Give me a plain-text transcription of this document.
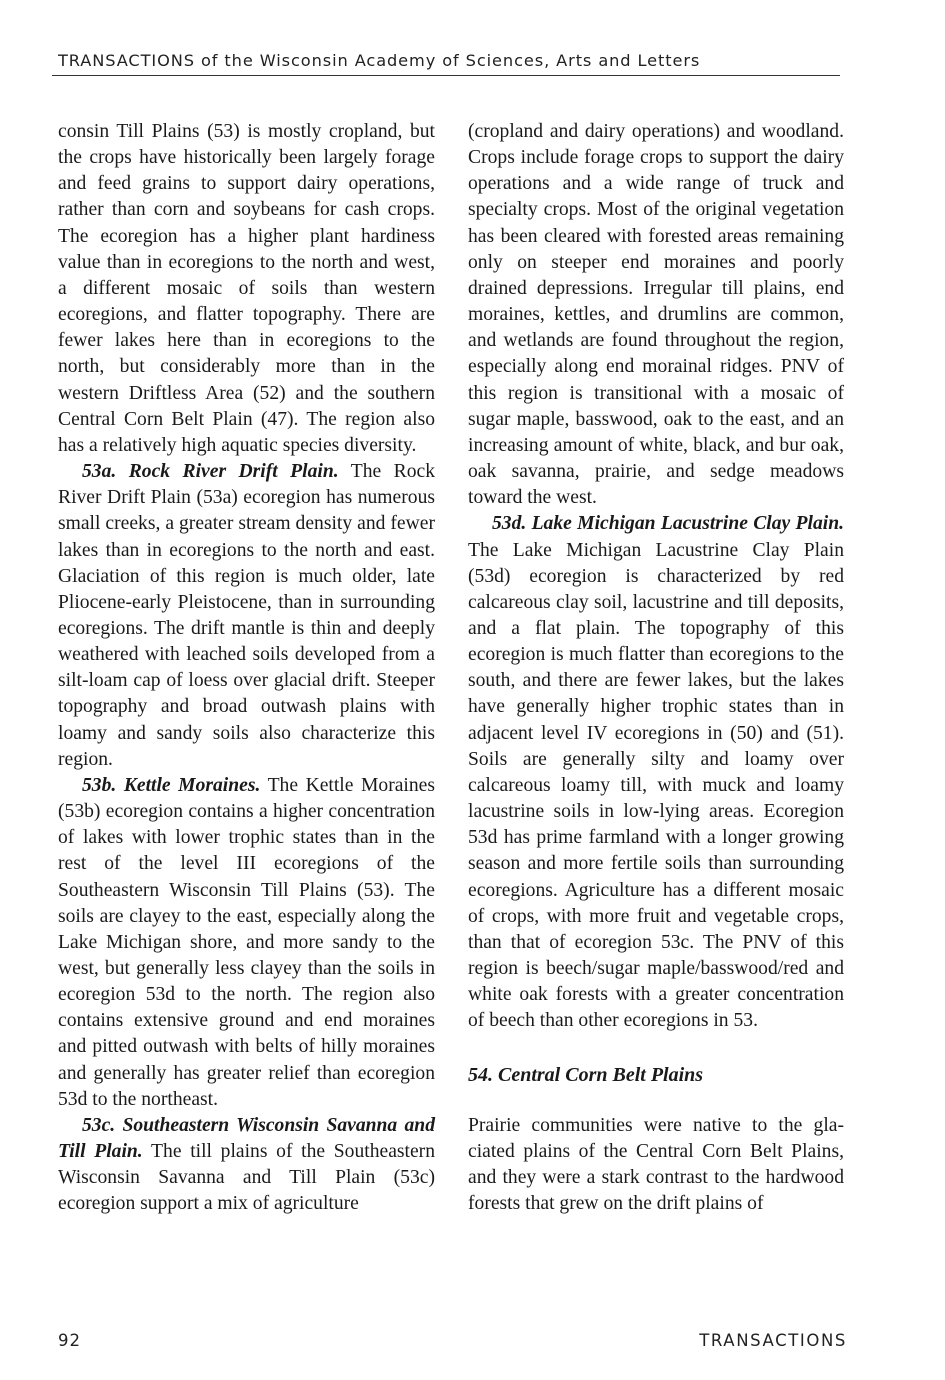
TRANSACTIONS of the Wisconsin Academy of Sciences, Arts and Letters

consin Till Plains (53) is mostly cropland, but the crops have historically been largely forage and feed grains to support dairy operations, rather than corn and soybeans for cash crops. The ecoregion has a higher plant hardiness value than in ecoregions to the north and west, a different mosaic of soils than western ecoregions, and flatter topography. There are fewer lakes here than in ecoregions to the north, but considerably more than in the western Driftless Area (52) and the southern Central Corn Belt Plain (47). The region also has a relatively high aquatic species diversity.

53a. Rock River Drift Plain. The Rock River Drift Plain (53a) ecoregion has numerous small creeks, a greater stream density and fewer lakes than in ecoregions to the north and east. Glaciation of this region is much older, late Pliocene-early Pleistocene, than in surrounding ecoregions. The drift mantle is thin and deeply weathered with leached soils developed from a silt-loam cap of loess over glacial drift. Steeper topography and broad outwash plains with loamy and sandy soils also characterize this region.

53b. Kettle Moraines. The Kettle Moraines (53b) ecoregion contains a higher concentration of lakes with lower trophic states than in the rest of the level III ecoregions of the Southeastern Wisconsin Till Plains (53). The soils are clayey to the east, especially along the Lake Michigan shore, and more sandy to the west, but generally less clayey than the soils in ecoregion 53d to the north. The region also contains extensive ground and end moraines and pitted outwash with belts of hilly moraines and generally has greater relief than ecoregion 53d to the northeast.

53c. Southeastern Wisconsin Savanna and Till Plain. The till plains of the Southeastern Wisconsin Savanna and Till Plain (53c) ecoregion support a mix of agriculture

(cropland and dairy operations) and woodland. Crops include forage crops to support the dairy operations and a wide range of truck and specialty crops. Most of the original vegetation has been cleared with forested areas remaining only on steeper end moraines and poorly drained depressions. Irregular till plains, end moraines, kettles, and drumlins are common, and wetlands are found throughout the region, especially along end morainal ridges. PNV of this region is transitional with a mosaic of sugar maple, basswood, oak to the east, and an increasing amount of white, black, and bur oak, oak savanna, prairie, and sedge meadows toward the west.

53d. Lake Michigan Lacustrine Clay Plain. The Lake Michigan Lacustrine Clay Plain (53d) ecoregion is characterized by red calcareous clay soil, lacustrine and till deposits, and a flat plain. The topography of this ecoregion is much flatter than ecoregions to the south, and there are fewer lakes, but the lakes have generally higher trophic states than in adjacent level IV ecoregions in (50) and (51). Soils are generally silty and loamy over calcareous loamy till, with muck and loamy lacustrine soils in low-lying areas. Ecoregion 53d has prime farmland with a longer growing season and more fertile soils than surrounding ecoregions. Agriculture has a different mosaic of crops, with more fruit and vegetable crops, than that of ecoregion 53c. The PNV of this region is beech/sugar maple/basswood/red and white oak forests with a greater concentration of beech than other ecoregions in 53.

54. Central Corn Belt Plains

Prairie communities were native to the glaciated plains of the Central Corn Belt Plains, and they were a stark contrast to the hardwood forests that grew on the drift plains of

92	TRANSACTIONS
